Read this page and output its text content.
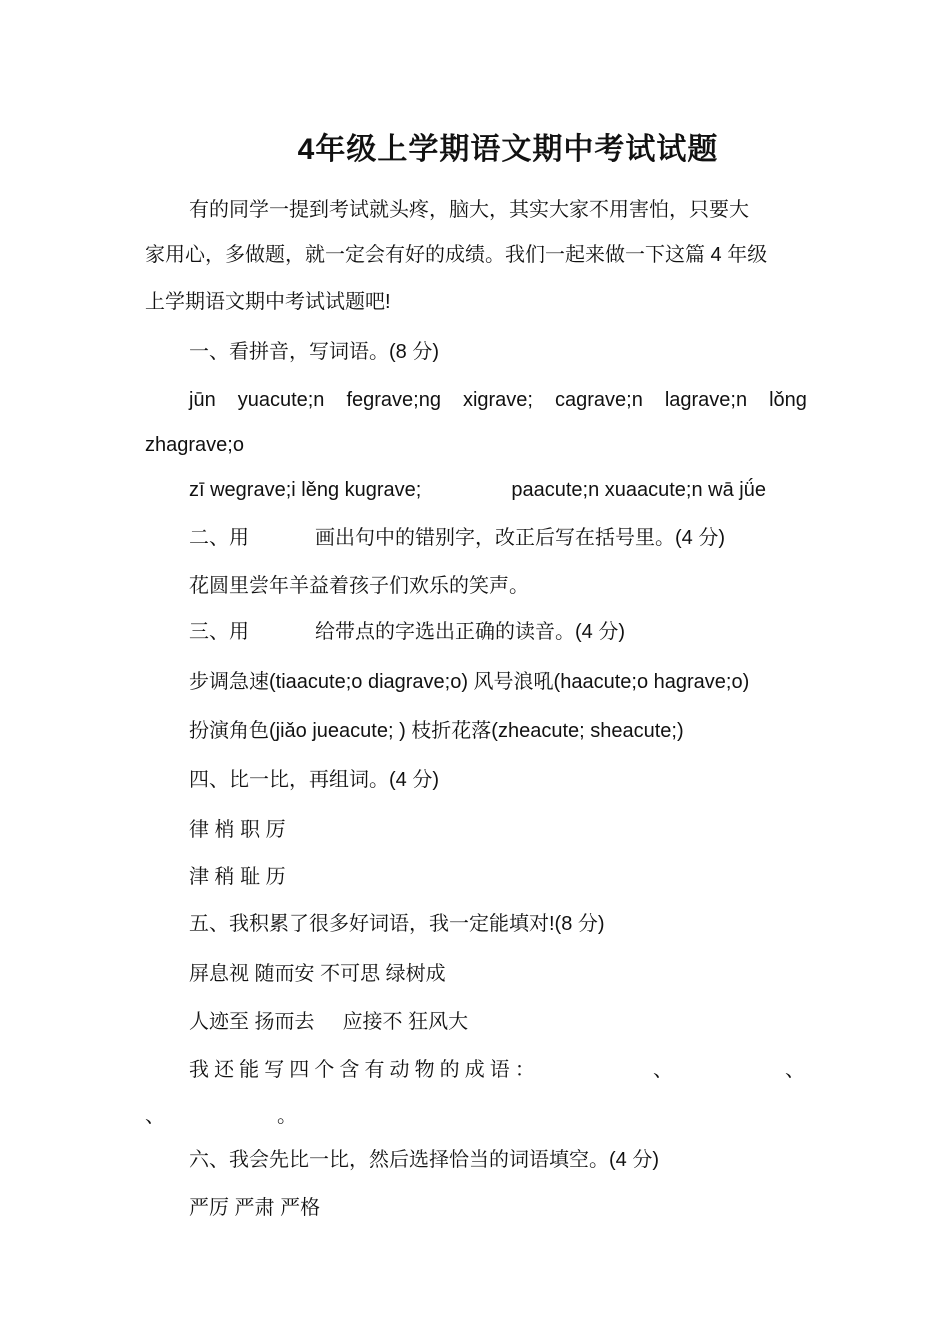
4年级上学期语文期中考试试题
有的同学一提到考试就头疼，脑大，其实大家不用害怕，只要大
家用心，多做题，就一定会有好的成绩。我们一起来做一下这篇 4 年级
上学期语文期中考试试题吧!
一、看拼音，写词语。(8 分)
jūn yuacute;n fegrave;ng xigrave; cagrave;n lagrave;n lǒng
zhagrave;o
zī wegrave;i lěng kugrave;	paacute;n xuaacute;n wā jǘe
二、用	画出句中的错别字，改正后写在括号里。(4 分)
花圆里尝年羊益着孩子们欢乐的笑声。
三、用	给带点的字选出正确的读音。(4 分)
步调急速(tiaacute;o diagrave;o) 风号浪吼(haacute;o hagrave;o)
扮演角色(jiǎo jueacute; ) 枝折花落(zheacute; sheacute;)
四、比一比，再组词。(4 分)
律 梢 职 厉
津 稍 耻 历
五、我积累了很多好词语，我一定能填对!(8 分)
屏息视 随而安 不可思 绿树成
人迹至 扬而去 应接不 狂风大
我 还 能 写 四 个 含 有 动 物 的 成 语 ：	、	、
、	。
六、我会先比一比，然后选择恰当的词语填空。(4 分)
严厉 严肃 严格
